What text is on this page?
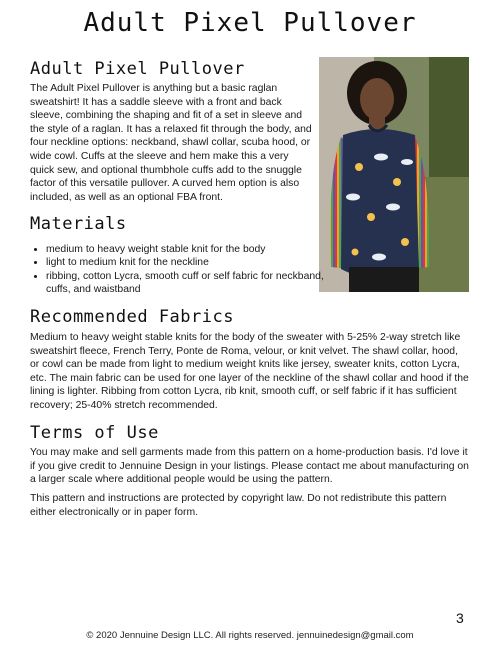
Adult Pixel Pullover
Adult Pixel Pullover
The Adult Pixel Pullover is anything but a basic raglan sweatshirt! It has a saddle sleeve with a front and back sleeve, combining the shaping and fit of a set in sleeve and the style of a raglan. It has a relaxed fit through the body, and four neckline options: neckband, shawl collar, scuba hood, or wide cowl. Cuffs at the sleeve and hem make this a very quick sew, and optional thumbhole cuffs add to the snuggle factor of this versatile pullover. A curved hem option is also included, as well as an optional FBA front.
Materials
• medium to heavy weight stable knit for the body
• light to medium knit for the neckline
• ribbing, cotton Lycra, smooth cuff or self fabric for neckband, cuffs, and waistband
Recommended Fabrics
Medium to heavy weight stable knits for the body of the sweater with 5-25% 2-way stretch like sweatshirt fleece, French Terry, Ponte de Roma, velour, or knit velvet. The shawl collar, hood, or cowl can be made from light to medium weight knits like jersey, sweater knits, cotton Lycra, etc. The main fabric can be used for one layer of the neckline of the shawl collar and hood if the lining is lighter. Ribbing from cotton Lycra, rib knit, smooth cuff, or self fabric if it has sufficient recovery; 25-40% stretch recommended.
Terms of Use
You may make and sell garments made from this pattern on a home-production basis. I'd love it if you give credit to Jennuine Design in your listings. Please contact me about manufacturing on a larger scale where additional people would be using the pattern.
This pattern and instructions are protected by copyright law. Do not redistribute this pattern either electronically or in paper form.
3
© 2020 Jennuine Design LLC. All rights reserved. jennuinedesign@gmail.com
